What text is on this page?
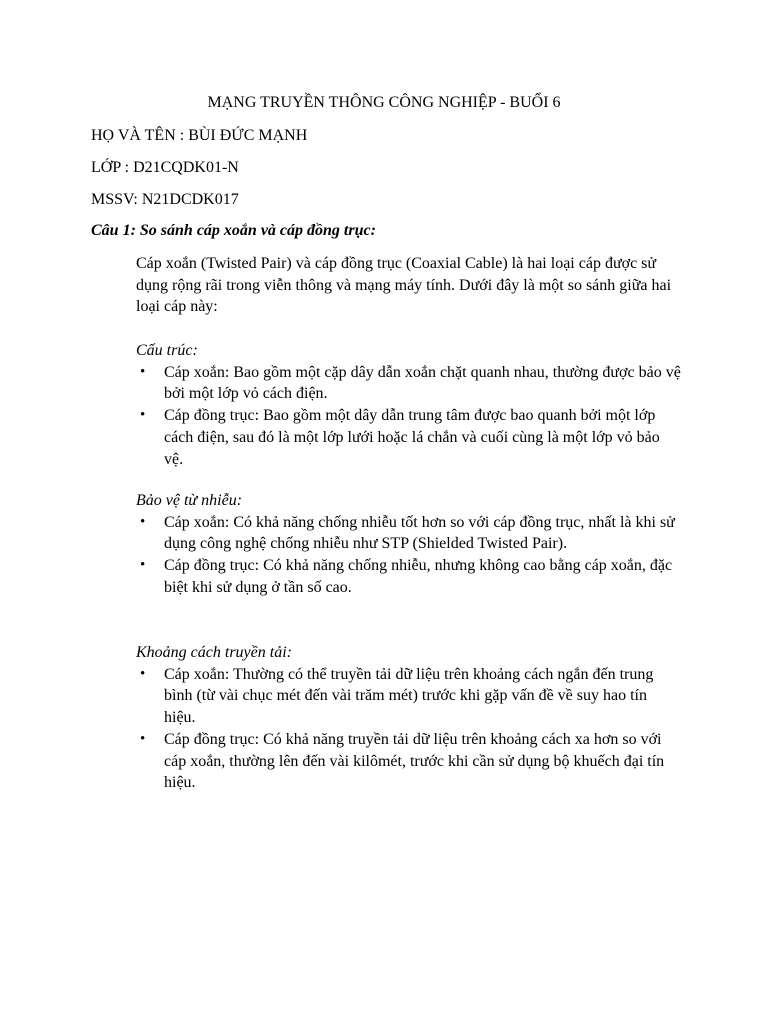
MẠNG TRUYỀN THÔNG CÔNG NGHIỆP - BUỔI 6
HỌ VÀ TÊN : BÙI ĐỨC MẠNH
LỚP : D21CQDK01-N
MSSV: N21DCDK017
Câu 1: So sánh cáp xoắn và cáp đồng trục:
Cáp xoắn (Twisted Pair) và cáp đồng trục (Coaxial Cable) là hai loại cáp được sử dụng rộng rãi trong viễn thông và mạng máy tính. Dưới đây là một so sánh giữa hai loại cáp này:

Cấu trúc:

• Cáp xoắn: Bao gồm một cặp dây dẫn xoắn chặt quanh nhau, thường được bảo vệ bởi một lớp vỏ cách điện.
• Cáp đồng trục: Bao gồm một dây dẫn trung tâm được bao quanh bởi một lớp cách điện, sau đó là một lớp lưới hoặc lá chắn và cuối cùng là một lớp vỏ bảo vệ.

Bảo vệ từ nhiễu:

• Cáp xoắn: Có khả năng chống nhiễu tốt hơn so với cáp đồng trục, nhất là khi sử dụng công nghệ chống nhiễu như STP (Shielded Twisted Pair).
• Cáp đồng trục: Có khả năng chống nhiễu, nhưng không cao bằng cáp xoắn, đặc biệt khi sử dụng ở tần số cao.

Khoảng cách truyền tải:

• Cáp xoắn: Thường có thể truyền tải dữ liệu trên khoảng cách ngắn đến trung bình (từ vài chục mét đến vài trăm mét) trước khi gặp vấn đề về suy hao tín hiệu.
• Cáp đồng trục: Có khả năng truyền tải dữ liệu trên khoảng cách xa hơn so với cáp xoắn, thường lên đến vài kilômét, trước khi cần sử dụng bộ khuếch đại tín hiệu.
